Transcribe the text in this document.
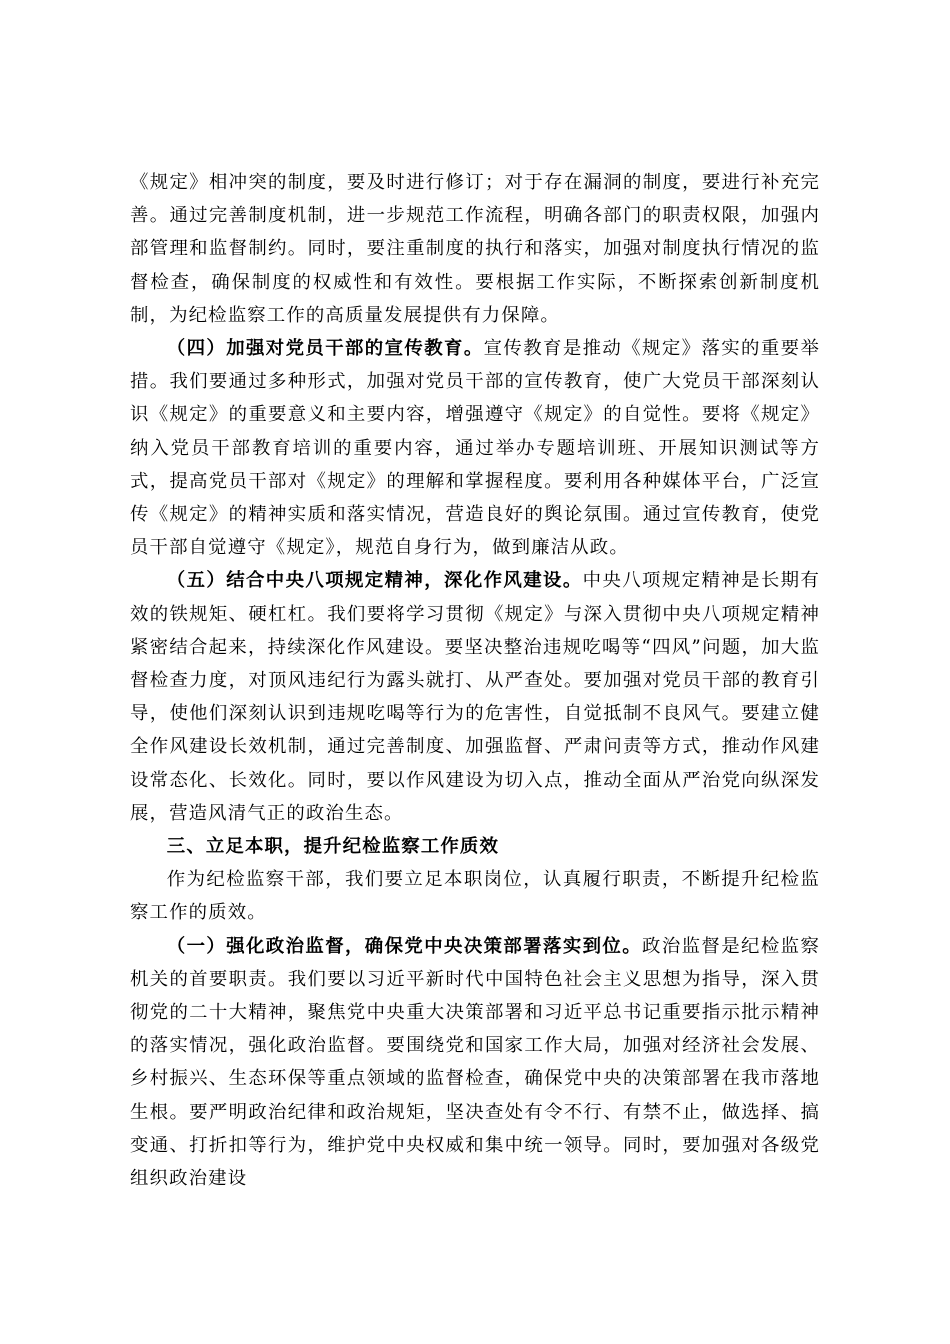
《规定》相冲突的制度，要及时进行修订；对于存在漏洞的制度，要进行补充完善。通过完善制度机制，进一步规范工作流程，明确各部门的职责权限，加强内部管理和监督制约。同时，要注重制度的执行和落实，加强对制度执行情况的监督检查，确保制度的权威性和有效性。要根据工作实际，不断探索创新制度机制，为纪检监察工作的高质量发展提供有力保障。

（四）加强对党员干部的宣传教育。宣传教育是推动《规定》落实的重要举措。我们要通过多种形式，加强对党员干部的宣传教育，使广大党员干部深刻认识《规定》的重要意义和主要内容，增强遵守《规定》的自觉性。要将《规定》纳入党员干部教育培训的重要内容，通过举办专题培训班、开展知识测试等方式，提高党员干部对《规定》的理解和掌握程度。要利用各种媒体平台，广泛宣传《规定》的精神实质和落实情况，营造良好的舆论氛围。通过宣传教育，使党员干部自觉遵守《规定》，规范自身行为，做到廉洁从政。

（五）结合中央八项规定精神，深化作风建设。中央八项规定精神是长期有效的铁规矩、硬杠杠。我们要将学习贯彻《规定》与深入贯彻中央八项规定精神紧密结合起来，持续深化作风建设。要坚决整治违规吃喝等“四风”问题，加大监督检查力度，对顶风违纪行为露头就打、从严查处。要加强对党员干部的教育引导，使他们深刻认识到违规吃喝等行为的危害性，自觉抵制不良风气。要建立健全作风建设长效机制，通过完善制度、加强监督、严肃问责等方式，推动作风建设常态化、长效化。同时，要以作风建设为切入点，推动全面从严治党向纵深发展，营造风清气正的政治生态。

三、立足本职，提升纪检监察工作质效

作为纪检监察干部，我们要立足本职岗位，认真履行职责，不断提升纪检监察工作的质效。

（一）强化政治监督，确保党中央决策部署落实到位。政治监督是纪检监察机关的首要职责。我们要以习近平新时代中国特色社会主义思想为指导，深入贯彻党的二十大精神，聚焦党中央重大决策部署和习近平总书记重要指示批示精神的落实情况，强化政治监督。要围绕党和国家工作大局，加强对经济社会发展、乡村振兴、生态环保等重点领域的监督检查，确保党中央的决策部署在我市落地生根。要严明政治纪律和政治规矩，坚决查处有令不行、有禁不止，做选择、搞变通、打折扣等行为，维护党中央权威和集中统一领导。同时，要加强对各级党组织政治建设
